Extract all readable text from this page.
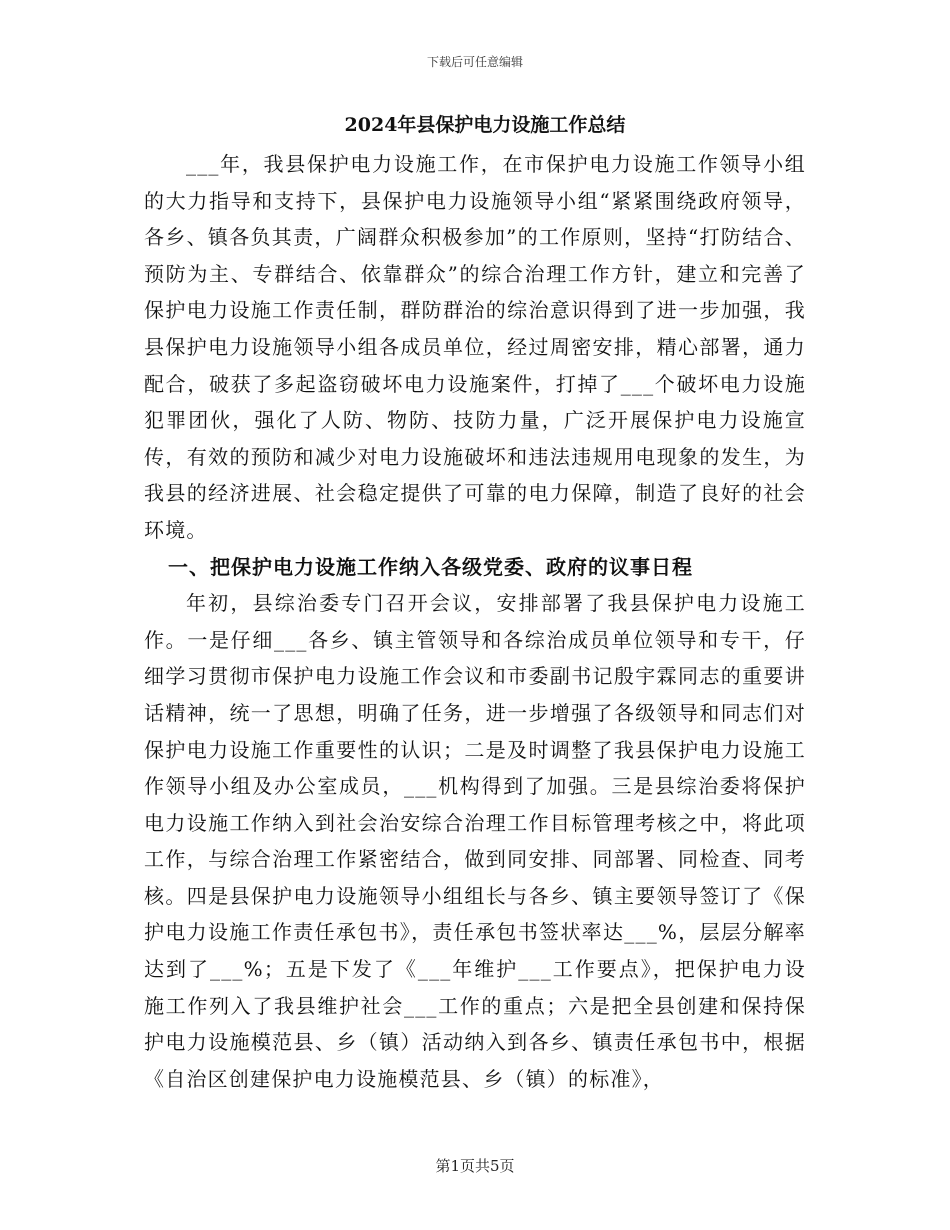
下载后可任意编辑
2024年县保护电力设施工作总结

___年，我县保护电力设施工作，在市保护电力设施工作领导小组的大力指导和支持下，县保护电力设施领导小组“紧紧围绕政府领导，各乡、镇各负其责，广阔群众积极参加”的工作原则，坚持“打防结合、预防为主、专群结合、依靠群众”的综合治理工作方针，建立和完善了保护电力设施工作责任制，群防群治的综治意识得到了进一步加强，我县保护电力设施领导小组各成员单位，经过周密安排，精心部署，通力配合，破获了多起盗窃破坏电力设施案件，打掉了___个破坏电力设施犯罪团伙，强化了人防、物防、技防力量，广泛开展保护电力设施宣传，有效的预防和减少对电力设施破坏和违法违规用电现象的发生，为我县的经济进展、社会稳定提供了可靠的电力保障，制造了良好的社会环境。

一、把保护电力设施工作纳入各级党委、政府的议事日程

年初，县综治委专门召开会议，安排部署了我县保护电力设施工作。一是仔细___各乡、镇主管领导和各综治成员单位领导和专干，仔细学习贯彻市保护电力设施工作会议和市委副书记殷宇霖同志的重要讲话精神，统一了思想，明确了任务，进一步增强了各级领导和同志们对保护电力设施工作重要性的认识；二是及时调整了我县保护电力设施工作领导小组及办公室成员，___机构得到了加强。三是县综治委将保护电力设施工作纳入到社会治安综合治理工作目标管理考核之中，将此项工作，与综合治理工作紧密结合，做到同安排、同部署、同检查、同考核。四是县保护电力设施领导小组组长与各乡、镇主要领导签订了《保护电力设施工作责任承包书》，责任承包书签状率达___%，层层分解率达到了___%；五是下发了《___年维护___工作要点》，把保护电力设施工作列入了我县维护社会___工作的重点；六是把全县创建和保持保护电力设施模范县、乡（镇）活动纳入到各乡、镇责任承包书中，根据《自治区创建保护电力设施模范县、乡（镇）的标准》，

第1页共5页
